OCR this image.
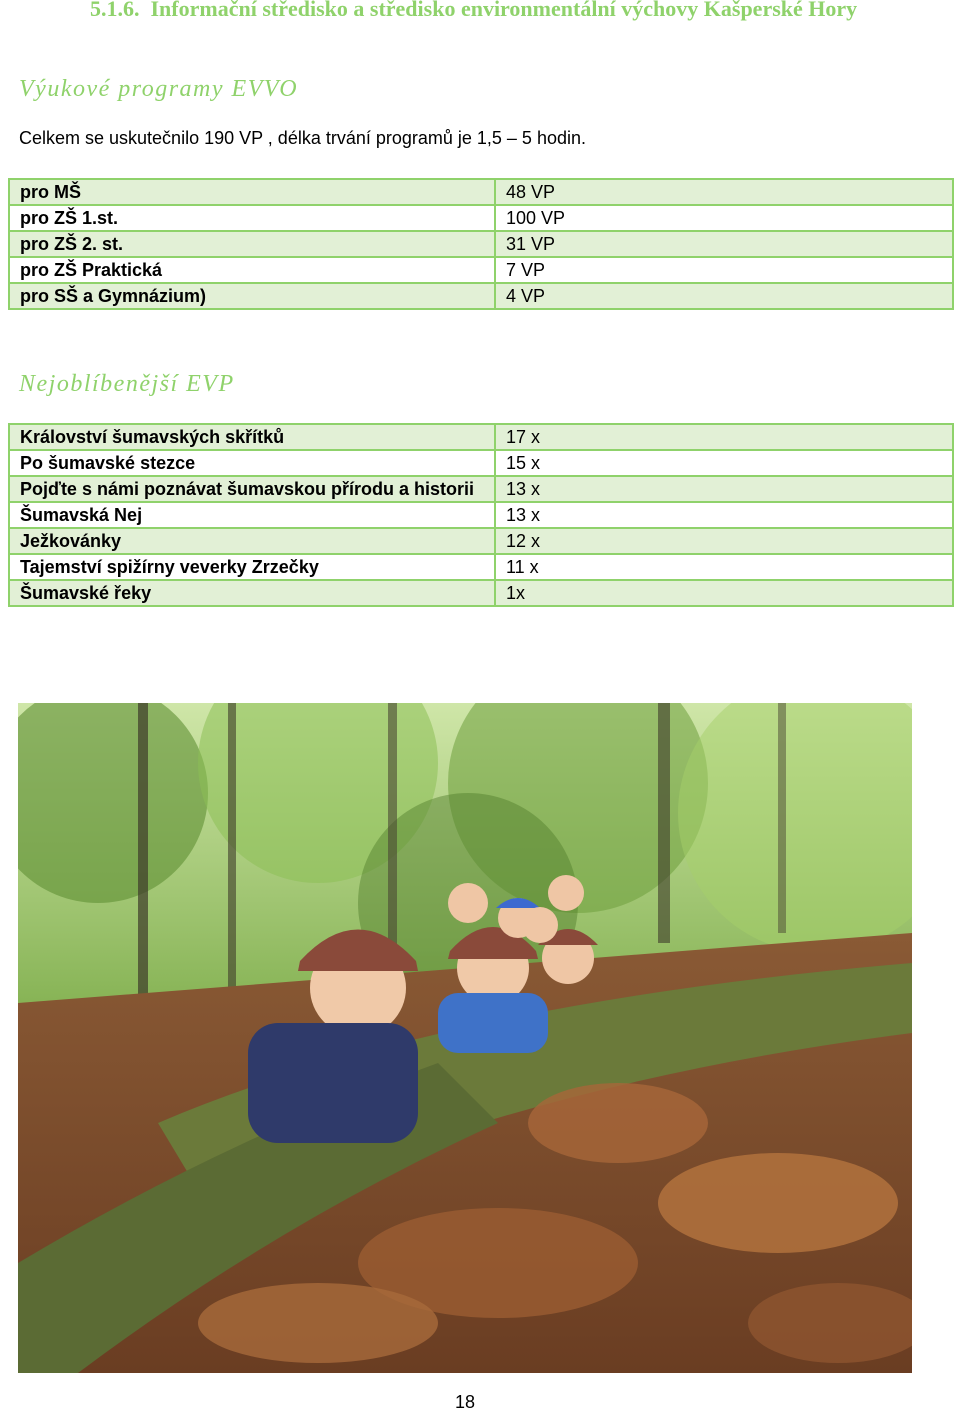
5.1.6. Informační středisko a středisko environmentální výchovy Kašperské Hory
Výukové programy EVVO
Celkem se uskutečnilo 190 VP , délka trvání programů je 1,5 – 5 hodin.
pro MŠ	48 VP
pro ZŠ 1.st.	100 VP
pro ZŠ 2. st.	31 VP
pro ZŠ Praktická	7 VP
pro SŠ a Gymnázium)	4 VP
Nejoblíbenější EVP
Království šumavských skřítků	17 x
Po šumavské stezce	15 x
Pojďte s námi poznávat šumavskou přírodu a historii	13 x
Šumavská Nej	13 x
Ježkovánky	12 x
Tajemství spižírny veverky Zrzečky	11 x
Šumavské řeky	1x
18
